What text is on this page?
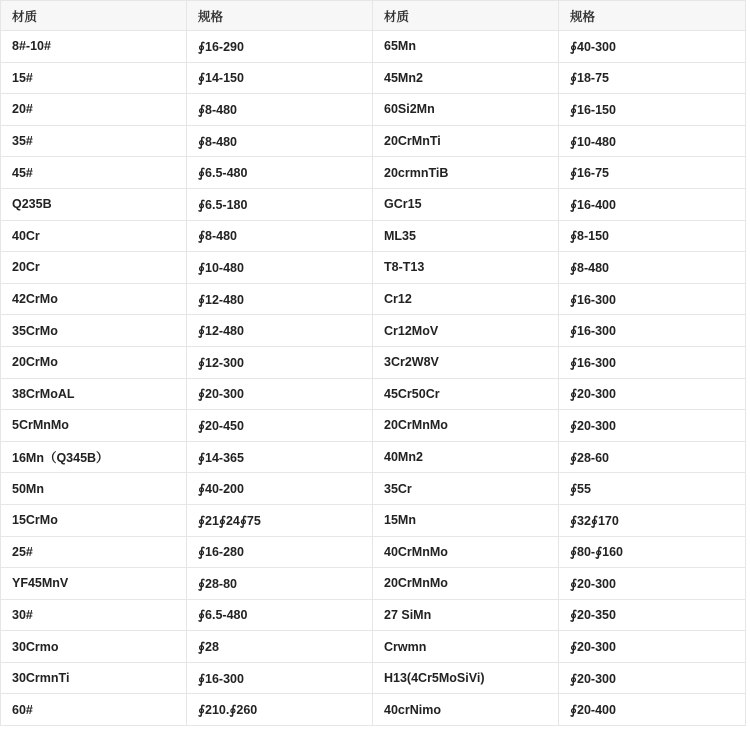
材质	规格	材质	规格
8#-10#	∮16-290	65Mn	∮40-300
15#	∮14-150	45Mn2	∮18-75
20#	∮8-480	60Si2Mn	∮16-150
35#	∮8-480	20CrMnTi	∮10-480
45#	∮6.5-480	20crmnTiB	∮16-75
Q235B	∮6.5-180	GCr15	∮16-400
40Cr	∮8-480	ML35	∮8-150
20Cr	∮10-480	T8-T13	∮8-480
42CrMo	∮12-480	Cr12	∮16-300
35CrMo	∮12-480	Cr12MoV	∮16-300
20CrMo	∮12-300	3Cr2W8V	∮16-300
38CrMoAL	∮20-300	45Cr50Cr	∮20-300
5CrMnMo	∮20-450	20CrMnMo	∮20-300
16Mn（Q345B）	∮14-365	40Mn2	∮28-60
50Mn	∮40-200	35Cr	∮55
15CrMo	∮21∮24∮75	15Mn	∮32∮170
25#	∮16-280	40CrMnMo	∮80-∮160
YF45MnV	∮28-80	20CrMnMo	∮20-300
30#	∮6.5-480	27 SiMn	∮20-350
30Crmo	∮28	Crwmn	∮20-300
30CrmnTi	∮16-300	H13(4Cr5MoSiVi)	∮20-300
60#	∮210.∮260	40crNimo	∮20-400
